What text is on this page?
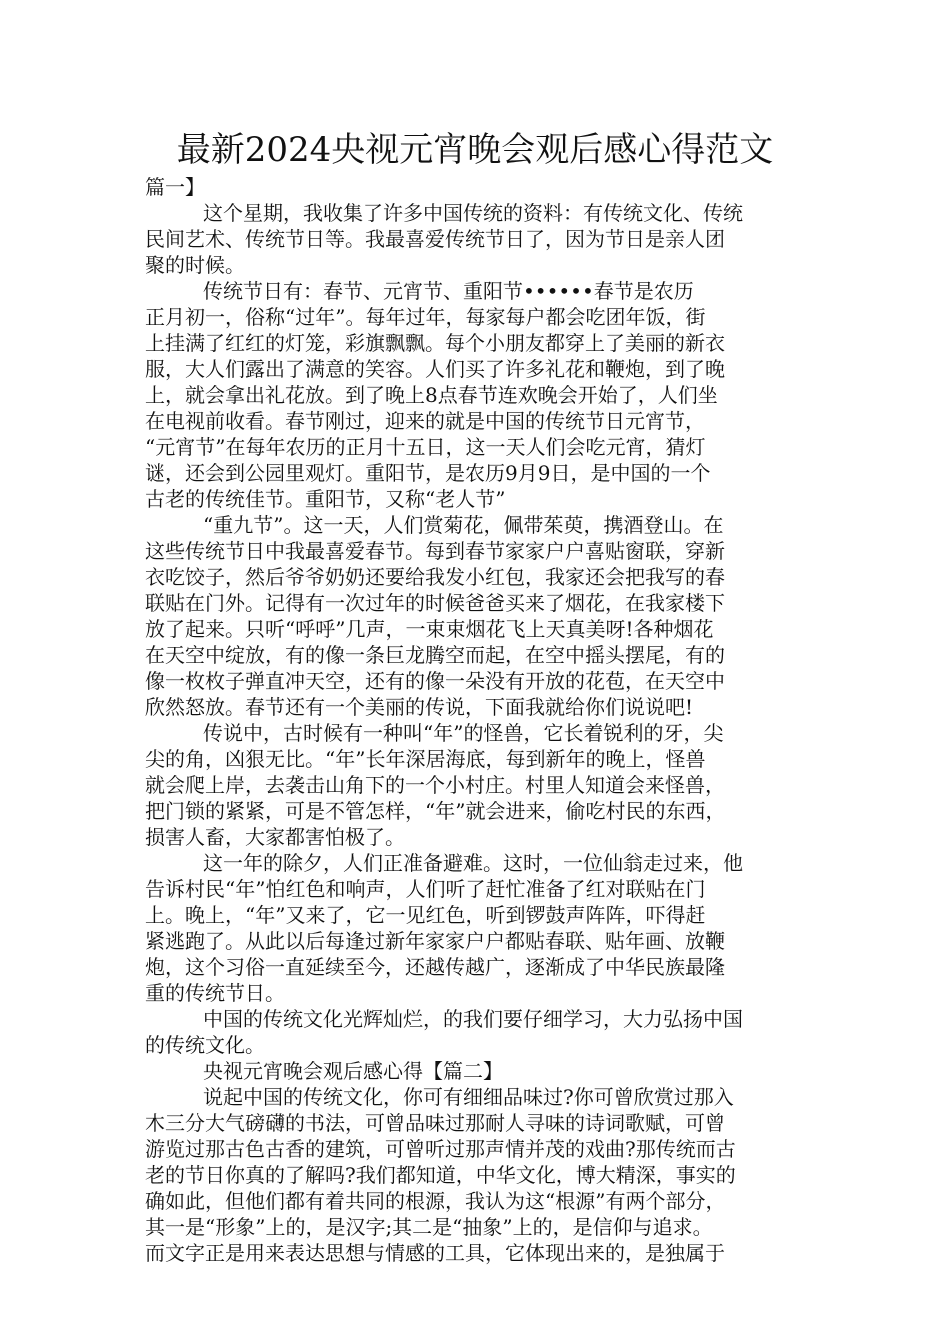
最新2024央视元宵晚会观后感心得范文
篇一】
这个星期，我收集了许多中国传统的资料：有传统文化、传统
民间艺术、传统节日等。我最喜爱传统节日了，因为节日是亲人团
聚的时候。
传统节日有：春节、元宵节、重阳节••••••春节是农历
正月初一，俗称“过年”。每年过年，每家每户都会吃团年饭，街
上挂满了红红的灯笼，彩旗飘飘。每个小朋友都穿上了美丽的新衣
服，大人们露出了满意的笑容。人们买了许多礼花和鞭炮，到了晚
上，就会拿出礼花放。到了晚上8点春节连欢晚会开始了，人们坐
在电视前收看。春节刚过，迎来的就是中国的传统节日元宵节，
“元宵节”在每年农历的正月十五日，这一天人们会吃元宵，猜灯
谜，还会到公园里观灯。重阳节，是农历9月9日，是中国的一个
古老的传统佳节。重阳节，又称“老人节”
“重九节”。这一天，人们赏菊花，佩带茱萸，携酒登山。在
这些传统节日中我最喜爱春节。每到春节家家户户喜贴窗联，穿新
衣吃饺子，然后爷爷奶奶还要给我发小红包，我家还会把我写的春
联贴在门外。记得有一次过年的时候爸爸买来了烟花，在我家楼下
放了起来。只听“呼呼”几声，一束束烟花飞上天真美呀!各种烟花
在天空中绽放，有的像一条巨龙腾空而起，在空中摇头摆尾，有的
像一枚枚子弹直冲天空，还有的像一朵没有开放的花苞，在天空中
欣然怒放。春节还有一个美丽的传说，下面我就给你们说说吧!
传说中，古时候有一种叫“年”的怪兽，它长着锐利的牙，尖
尖的角，凶狠无比。“年”长年深居海底，每到新年的晚上，怪兽
就会爬上岸，去袭击山角下的一个小村庄。村里人知道会来怪兽，
把门锁的紧紧，可是不管怎样，“年”就会进来，偷吃村民的东西，
损害人畜，大家都害怕极了。
这一年的除夕，人们正准备避难。这时，一位仙翁走过来，他
告诉村民“年”怕红色和响声，人们听了赶忙准备了红对联贴在门
上。晚上，“年”又来了，它一见红色，听到锣鼓声阵阵，吓得赶
紧逃跑了。从此以后每逢过新年家家户户都贴春联、贴年画、放鞭
炮，这个习俗一直延续至今，还越传越广，逐渐成了中华民族最隆
重的传统节日。
中国的传统文化光辉灿烂，的我们要仔细学习，大力弘扬中国
的传统文化。
央视元宵晚会观后感心得【篇二】
说起中国的传统文化，你可有细细品味过?你可曾欣赏过那入
木三分大气磅礴的书法，可曾品味过那耐人寻味的诗词歌赋，可曾
游览过那古色古香的建筑，可曾听过那声情并茂的戏曲?那传统而古
老的节日你真的了解吗?我们都知道，中华文化，博大精深，事实的
确如此，但他们都有着共同的根源，我认为这“根源”有两个部分，
其一是“形象”上的，是汉字;其二是“抽象”上的，是信仰与追求。
而文字正是用来表达思想与情感的工具，它体现出来的，是独属于
